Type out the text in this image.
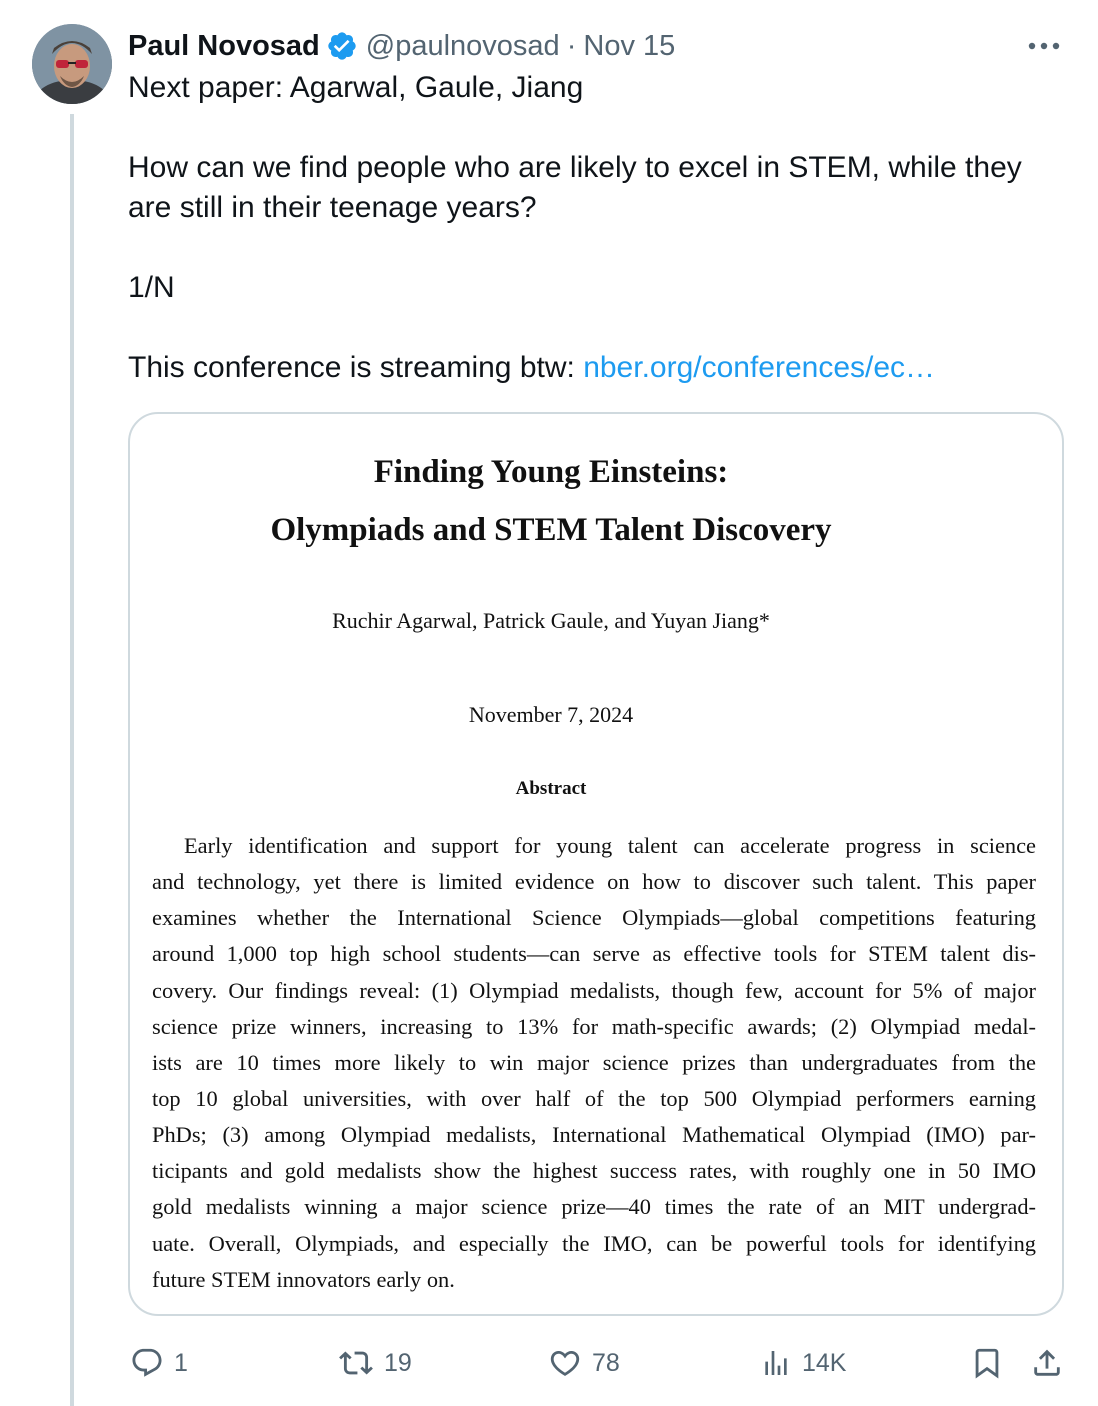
Paul Novosad @paulnovosad · Nov 15

Next paper: Agarwal, Gaule, Jiang

How can we find people who are likely to excel in STEM, while they are still in their teenage years?

1/N

This conference is streaming btw: nber.org/conferences/ec…

Finding Young Einsteins:
Olympiads and STEM Talent Discovery
Ruchir Agarwal, Patrick Gaule, and Yuyan Jiang*
November 7, 2024
Abstract
Early identification and support for young talent can accelerate progress in science
and technology, yet there is limited evidence on how to discover such talent. This paper
examines whether the International Science Olympiads—global competitions featuring
around 1,000 top high school students—can serve as effective tools for STEM talent dis-
covery. Our findings reveal: (1) Olympiad medalists, though few, account for 5% of major
science prize winners, increasing to 13% for math-specific awards; (2) Olympiad medal-
ists are 10 times more likely to win major science prizes than undergraduates from the
top 10 global universities, with over half of the top 500 Olympiad performers earning
PhDs; (3) among Olympiad medalists, International Mathematical Olympiad (IMO) par-
ticipants and gold medalists show the highest success rates, with roughly one in 50 IMO
gold medalists winning a major science prize—40 times the rate of an MIT undergrad-
uate. Overall, Olympiads, and especially the IMO, can be powerful tools for identifying
future STEM innovators early on.
1	19	78	14K
